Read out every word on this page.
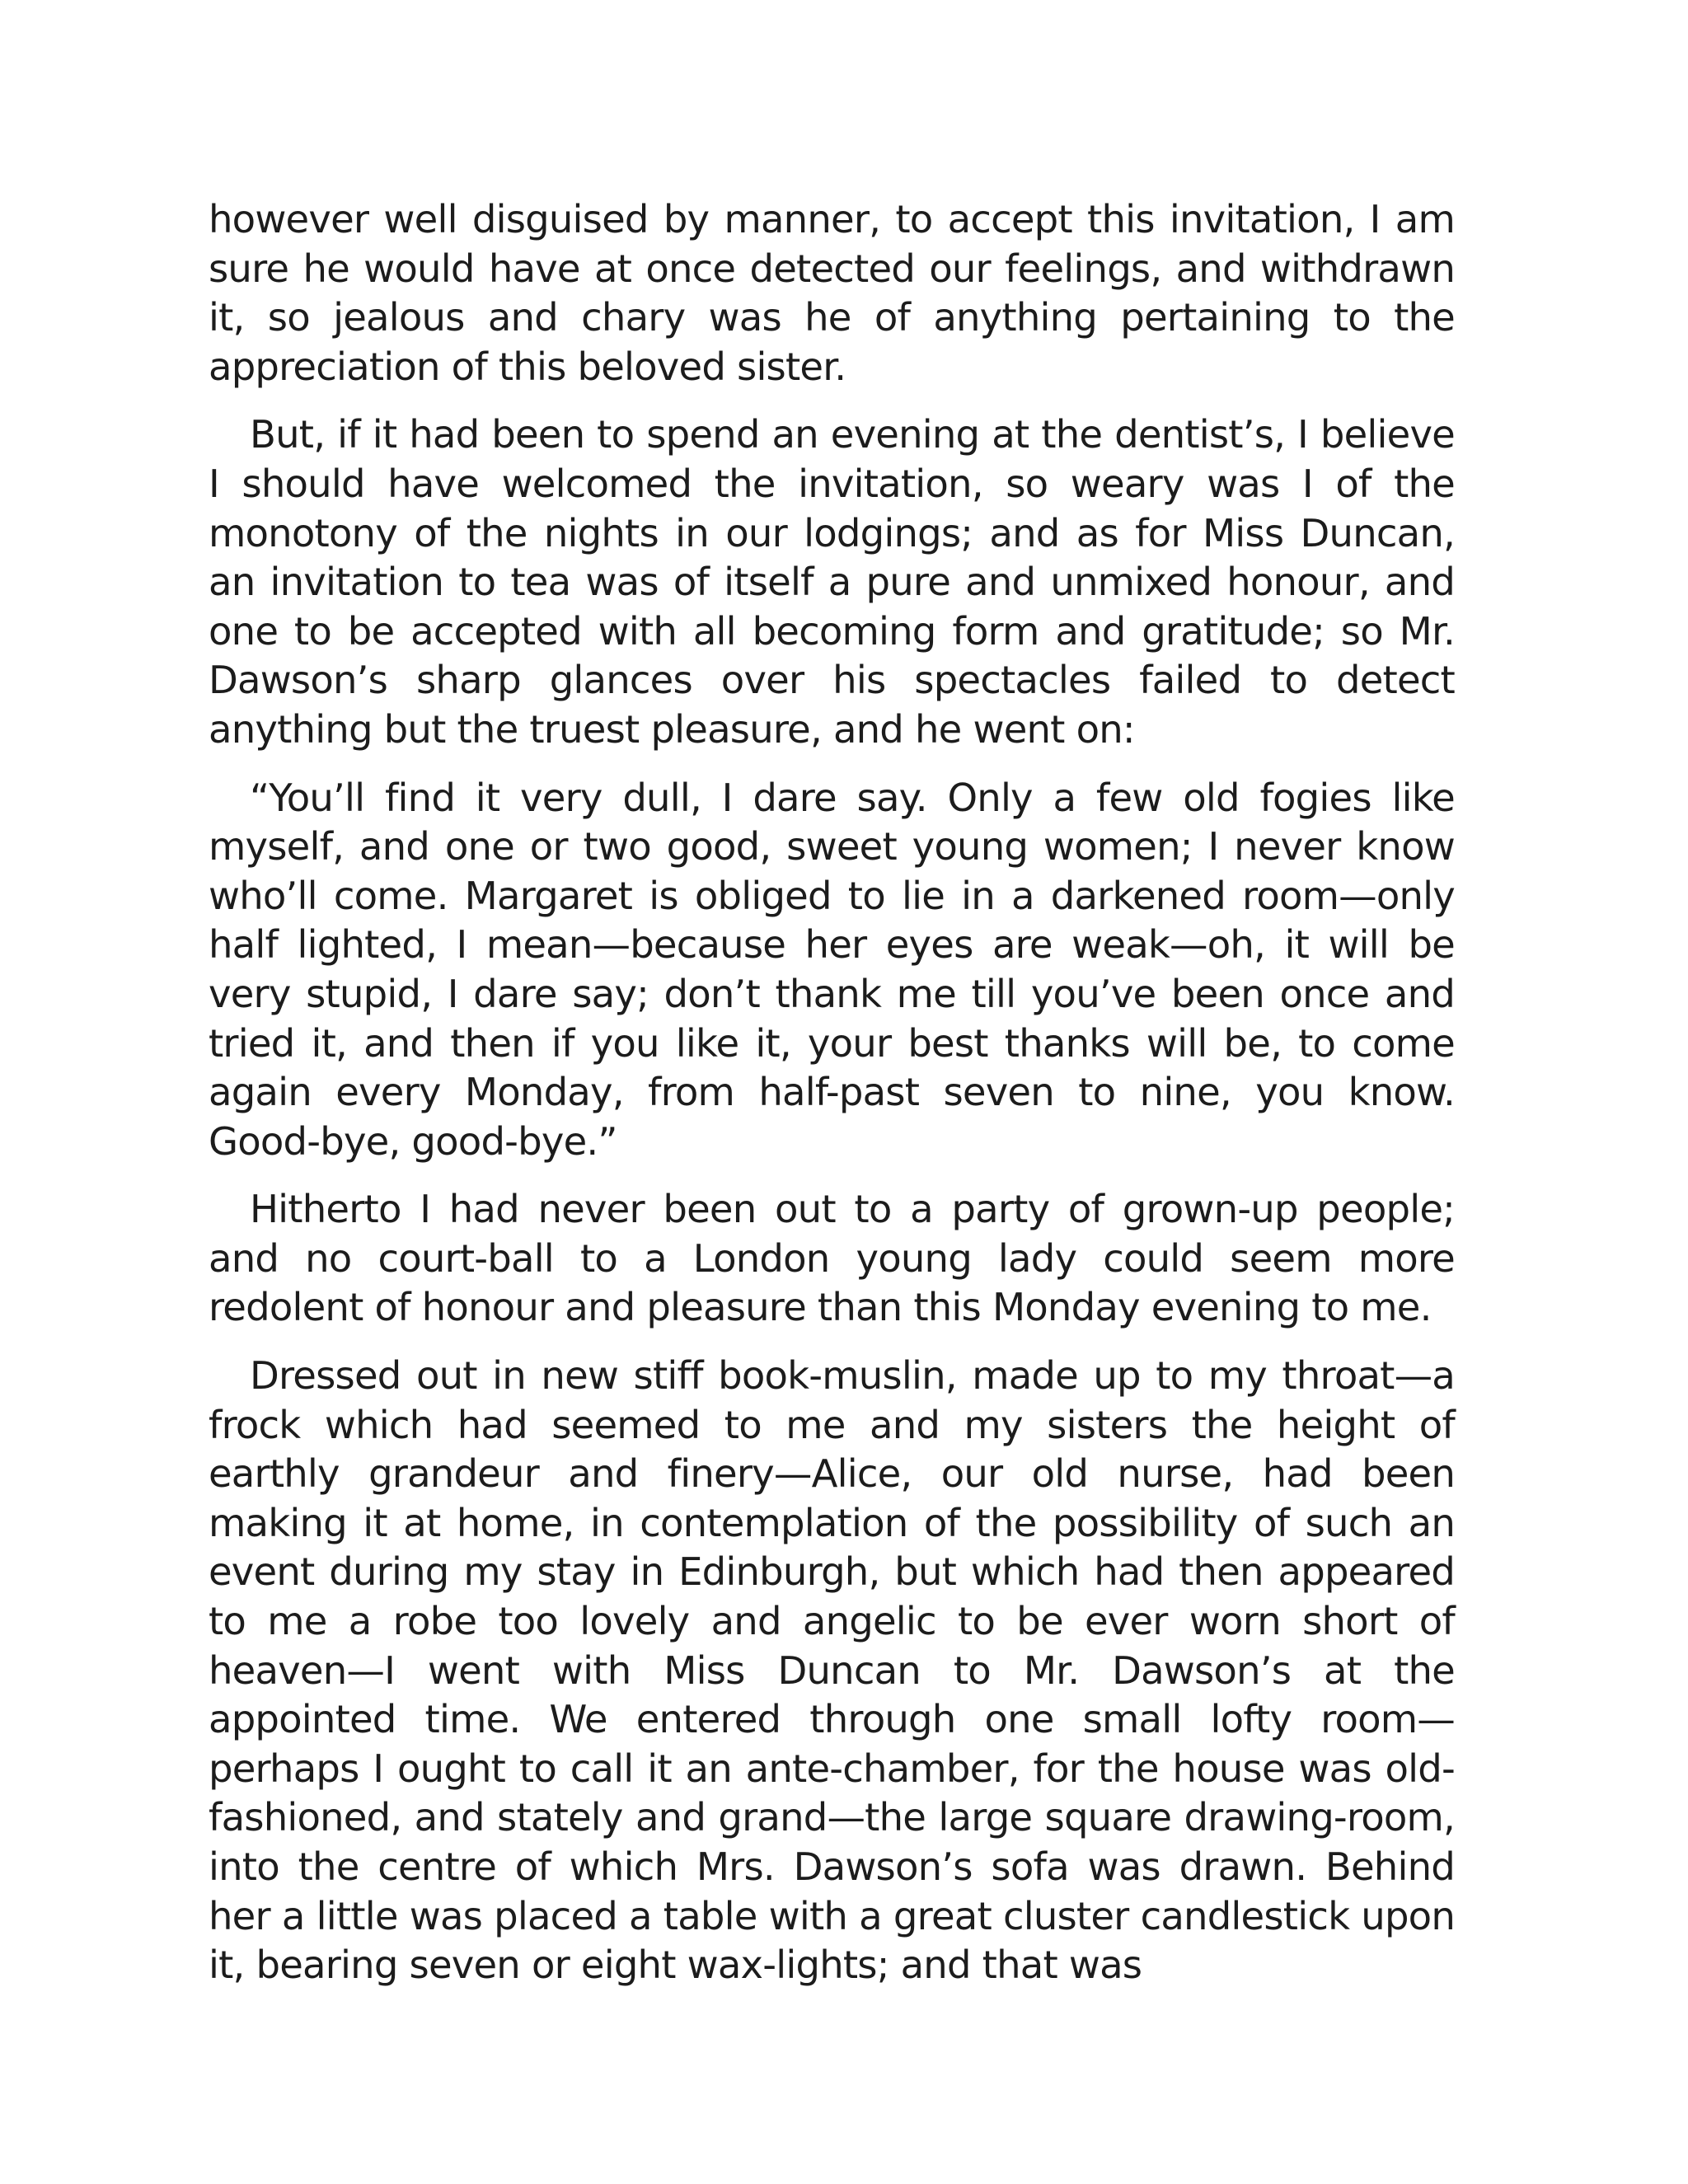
however well disguised by manner, to accept this invitation, I am sure he would have at once detected our feelings, and withdrawn it, so jealous and chary was he of anything pertaining to the appreciation of this beloved sister.

But, if it had been to spend an evening at the dentist’s, I believe I should have welcomed the invitation, so weary was I of the monotony of the nights in our lodgings; and as for Miss Duncan, an invitation to tea was of itself a pure and unmixed honour, and one to be accepted with all becoming form and gratitude; so Mr. Dawson’s sharp glances over his spectacles failed to detect anything but the truest pleasure, and he went on:

“You’ll find it very dull, I dare say. Only a few old fogies like myself, and one or two good, sweet young women; I never know who’ll come. Margaret is obliged to lie in a darkened room—only half lighted, I mean—because her eyes are weak—oh, it will be very stupid, I dare say; don’t thank me till you’ve been once and tried it, and then if you like it, your best thanks will be, to come again every Monday, from half-past seven to nine, you know. Good-bye, good-bye.”

Hitherto I had never been out to a party of grown-up people; and no court-ball to a London young lady could seem more redolent of honour and pleasure than this Monday evening to me.

Dressed out in new stiff book-muslin, made up to my throat—a frock which had seemed to me and my sisters the height of earthly grandeur and finery—Alice, our old nurse, had been making it at home, in contemplation of the possibility of such an event during my stay in Edinburgh, but which had then appeared to me a robe too lovely and angelic to be ever worn short of heaven—I went with Miss Duncan to Mr. Dawson’s at the appointed time. We entered through one small lofty room—perhaps I ought to call it an ante-chamber, for the house was old-fashioned, and stately and grand—the large square drawing-room, into the centre of which Mrs. Dawson’s sofa was drawn. Behind her a little was placed a table with a great cluster candlestick upon it, bearing seven or eight wax-lights; and that was
